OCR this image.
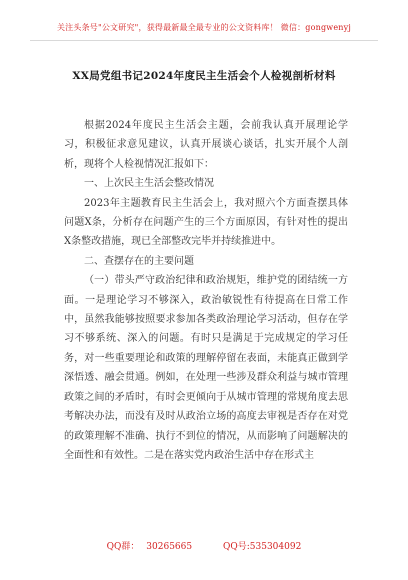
关注头条号"公文研究"，获得最新最全最专业的公文资料库！ 微信：gongwenyj
XX局党组书记2024年度民主生活会个人检视剖析材料

根据2024年度民主生活会主题，会前我认真开展理论学习，积极征求意见建议，认真开展谈心谈话，扎实开展个人剖析，现将个人检视情况汇报如下：

一、上次民主生活会整改情况

2023年主题教育民主生活会上，我对照六个方面查摆具体问题X条，分析存在问题产生的三个方面原因，有针对性的提出X条整改措施，现已全部整改完毕并持续推进中。

二、查摆存在的主要问题

（一）带头严守政治纪律和政治规矩，维护党的团结统一方面。一是理论学习不够深入，政治敏锐性有待提高在日常工作中，虽然我能够按照要求参加各类政治理论学习活动，但存在学习不够系统、深入的问题。有时只是满足于完成规定的学习任务，对一些重要理论和政策的理解停留在表面，未能真正做到学深悟透、融会贯通。例如，在处理一些涉及群众利益与城市管理政策之间的矛盾时，有时会更倾向于从城市管理的常规角度去思考解决办法，而没有及时从政治立场的高度去审视是否存在对党的政策理解不准确、执行不到位的情况，从而影响了问题解决的全面性和有效性。二是在落实党内政治生活中存在形式主

QQ群： 30265665	QQ号:535304092
